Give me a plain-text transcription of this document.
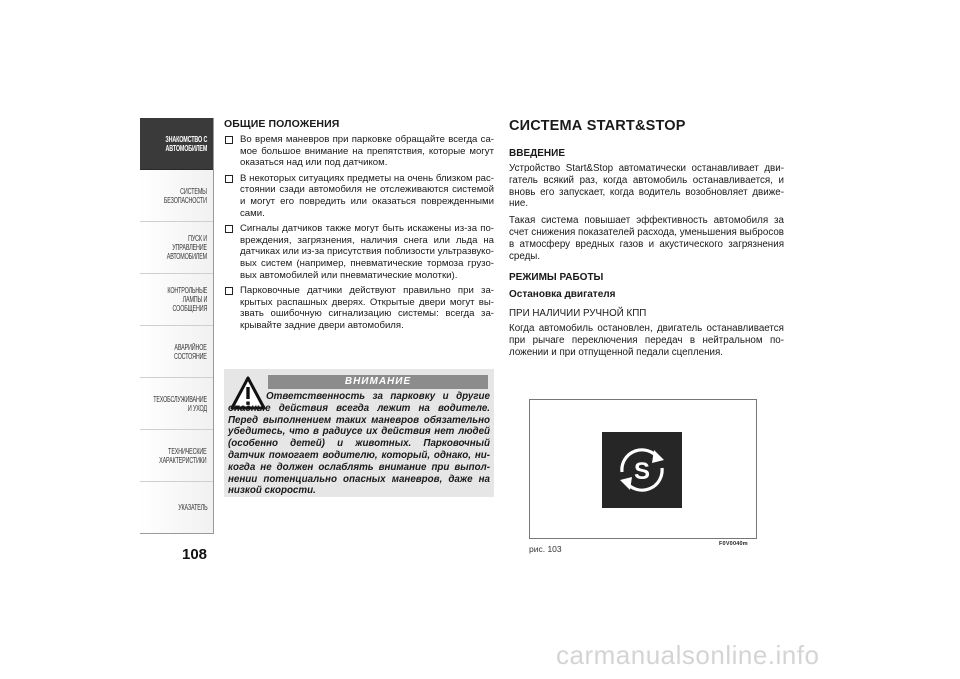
ЗНАКОМСТВО С
АВТОМОБИЛЕМ
СИСТЕМЫ
БЕЗОПАСНОСТИ
ПУСК И УПРАВЛЕНИЕ
АВТОМОБИЛЕМ
КОНТРОЛЬНЫЕ
ЛАМПЫ И
СООБЩЕНИЯ
АВАРИЙНОЕ
СОСТОЯНИЕ
ТЕХОБСЛУЖИВАНИЕ
И УХОД
ТЕХНИЧЕСКИЕ
ХАРАКТЕРИСТИКИ
УКАЗАТЕЛЬ
108
ОБЩИЕ ПОЛОЖЕНИЯ
Во время маневров при парковке обращайте всегда самое большое внимание на препятствия, которые могут оказаться над или под датчиком.
В некоторых ситуациях предметы на очень близком расстоянии сзади автомобиля не отслеживаются системой и могут его повредить или оказаться поврежденными сами.
Сигналы датчиков также могут быть искажены из-за повреждения, загрязнения, наличия снега или льда на датчиках или из-за присутствия поблизости ультразвуковых систем (например, пневматические тормоза грузовых автомобилей или пневматические молотки).
Парковочные датчики действуют правильно при закрытых распашных дверях. Открытые двери могут вызвать ошибочную сигнализацию системы: всегда закрывайте задние двери автомобиля.
ВНИМАНИЕ
Ответственность за парковку и другие опасные действия всегда лежит на водителе. Перед выполнением таких маневров обязательно убедитесь, что в радиусе их действия нет людей (особенно детей) и животных. Парковочный датчик помогает водителю, который, однако, никогда не должен ослаблять внимание при выполнении потенциально опасных маневров, даже на низкой скорости.
СИСТЕМА START&STOP
ВВЕДЕНИЕ
Устройство Start&Stop автоматически останавливает двигатель всякий раз, когда автомобиль останавливается, и вновь его запускает, когда водитель возобновляет движение.
Такая система повышает эффективность автомобиля за счет снижения показателей расхода, уменьшения выбросов в атмосферу вредных газов и акустического загрязнения среды.
РЕЖИМЫ РАБОТЫ
Остановка двигателя
ПРИ НАЛИЧИИ РУЧНОЙ КПП
Когда автомобиль остановлен, двигатель останавливается при рычаге переключения передач в нейтральном положении и при отпущенной педали сцепления.
S
рис. 103	F0V0040m
carmanualsonline.info
